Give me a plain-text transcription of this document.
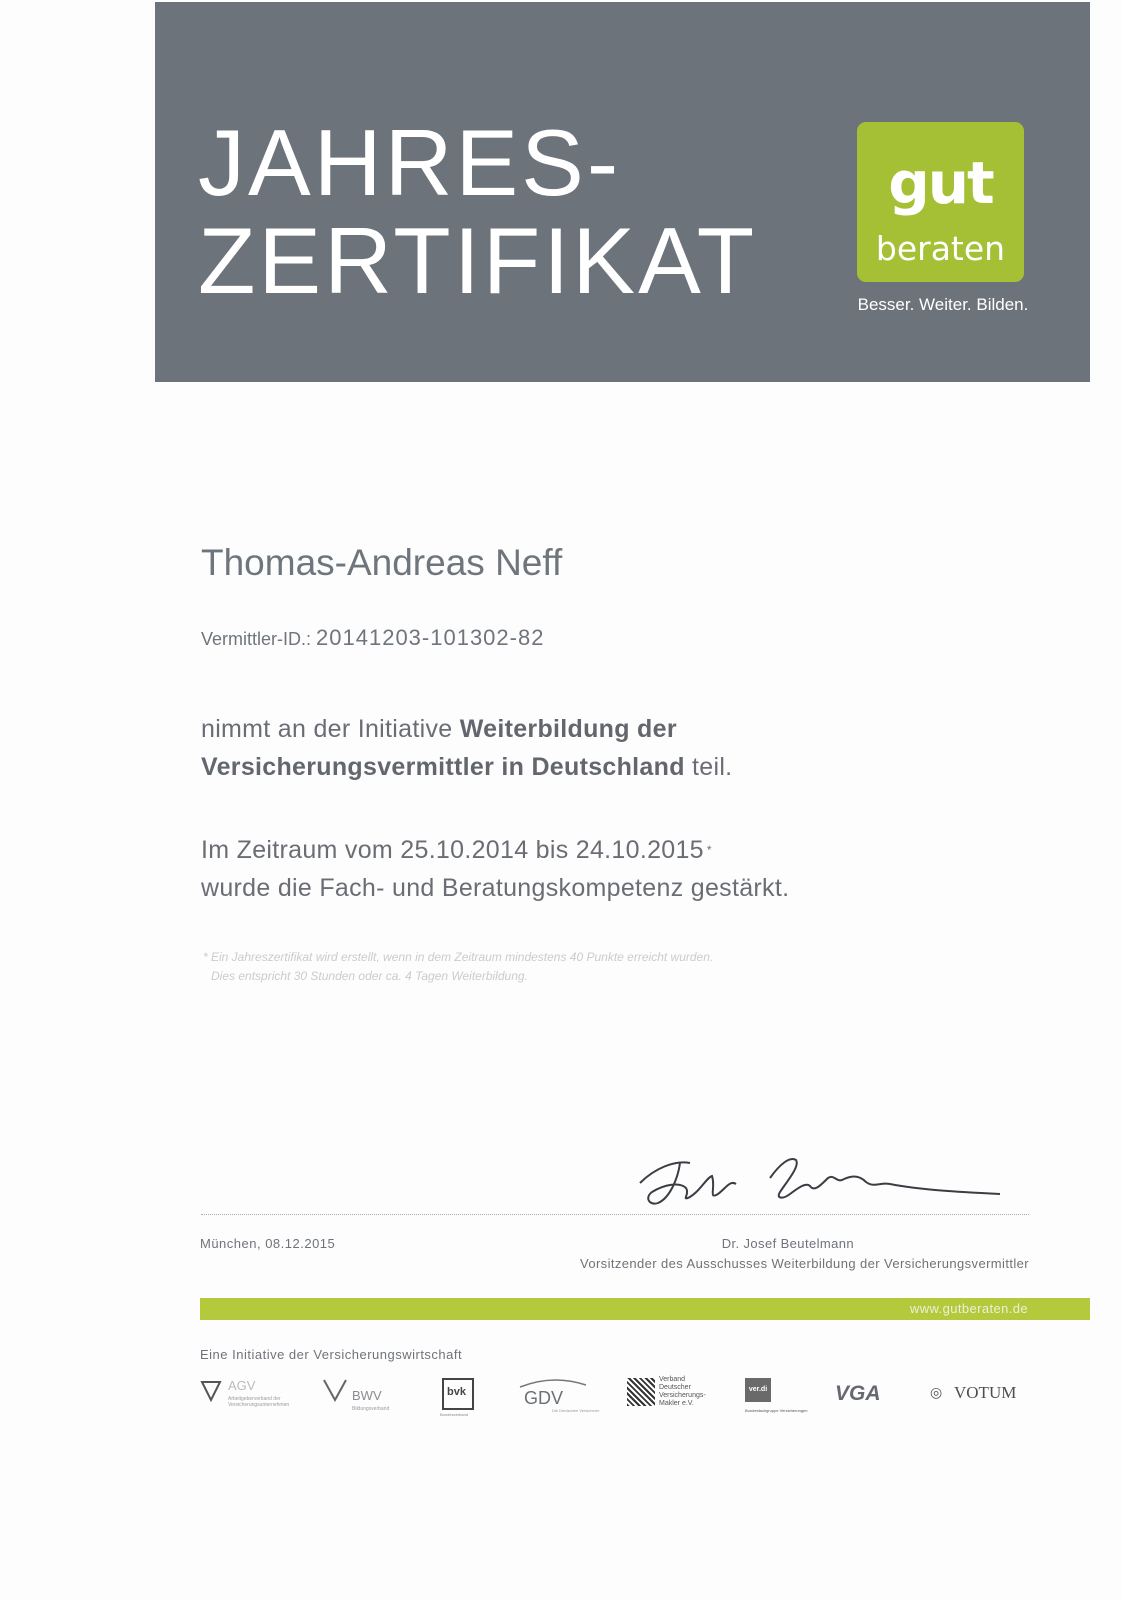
JAHRES-
ZERTIFIKAT
gut
beraten
Besser. Weiter. Bilden.
Thomas-Andreas Neff
Vermittler-ID.: 20141203-101302-82
nimmt an der Initiative Weiterbildung der Versicherungsvermittler in Deutschland teil.
Im Zeitraum vom 25.10.2014 bis 24.10.2015 *
wurde die Fach- und Beratungskompetenz gestärkt.
* Ein Jahreszertifikat wird erstellt, wenn in dem Zeitraum mindestens 40 Punkte erreicht wurden.
Dies entspricht 30 Stunden oder ca. 4 Tagen Weiterbildung.
München, 08.12.2015	Dr. Josef Beutelmann
Vorsitzender des Ausschusses Weiterbildung der Versicherungsvermittler
www.gutberaten.de
Eine Initiative der Versicherungswirtschaft
AGV
Arbeitgeberverband der Versicherungsunternehmen
BWV
Bildungsverband
bvk
Bundesverband
GDV
Die Deutschen Versicherer
Verband Deutscher Versicherungs-Makler e.V.
ver.di
Bundesfachgruppe Versicherungen
VGA	◎ VOTUM
